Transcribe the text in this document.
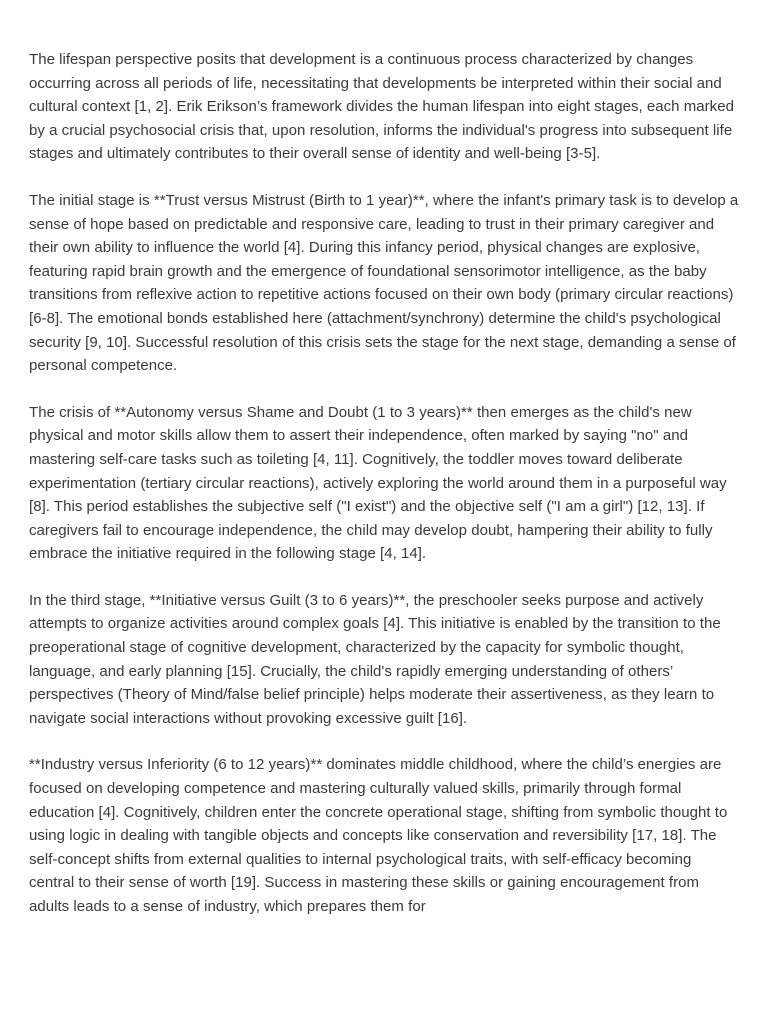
The lifespan perspective posits that development is a continuous process characterized by changes occurring across all periods of life, necessitating that developments be interpreted within their social and cultural context [1, 2]. Erik Erikson’s framework divides the human lifespan into eight stages, each marked by a crucial psychosocial crisis that, upon resolution, informs the individual's progress into subsequent life stages and ultimately contributes to their overall sense of identity and well-being [3-5].

The initial stage is **Trust versus Mistrust (Birth to 1 year)**, where the infant's primary task is to develop a sense of hope based on predictable and responsive care, leading to trust in their primary caregiver and their own ability to influence the world [4]. During this infancy period, physical changes are explosive, featuring rapid brain growth and the emergence of foundational sensorimotor intelligence, as the baby transitions from reflexive action to repetitive actions focused on their own body (primary circular reactions) [6-8]. The emotional bonds established here (attachment/synchrony) determine the child's psychological security [9, 10]. Successful resolution of this crisis sets the stage for the next stage, demanding a sense of personal competence.

The crisis of **Autonomy versus Shame and Doubt (1 to 3 years)** then emerges as the child's new physical and motor skills allow them to assert their independence, often marked by saying "no" and mastering self-care tasks such as toileting [4, 11]. Cognitively, the toddler moves toward deliberate experimentation (tertiary circular reactions), actively exploring the world around them in a purposeful way [8]. This period establishes the subjective self ("I exist") and the objective self ("I am a girl") [12, 13]. If caregivers fail to encourage independence, the child may develop doubt, hampering their ability to fully embrace the initiative required in the following stage [4, 14].

In the third stage, **Initiative versus Guilt (3 to 6 years)**, the preschooler seeks purpose and actively attempts to organize activities around complex goals [4]. This initiative is enabled by the transition to the preoperational stage of cognitive development, characterized by the capacity for symbolic thought, language, and early planning [15]. Crucially, the child's rapidly emerging understanding of others’ perspectives (Theory of Mind/false belief principle) helps moderate their assertiveness, as they learn to navigate social interactions without provoking excessive guilt [16].

**Industry versus Inferiority (6 to 12 years)** dominates middle childhood, where the child’s energies are focused on developing competence and mastering culturally valued skills, primarily through formal education [4]. Cognitively, children enter the concrete operational stage, shifting from symbolic thought to using logic in dealing with tangible objects and concepts like conservation and reversibility [17, 18]. The self-concept shifts from external qualities to internal psychological traits, with self-efficacy becoming central to their sense of worth [19]. Success in mastering these skills or gaining encouragement from adults leads to a sense of industry, which prepares them for
